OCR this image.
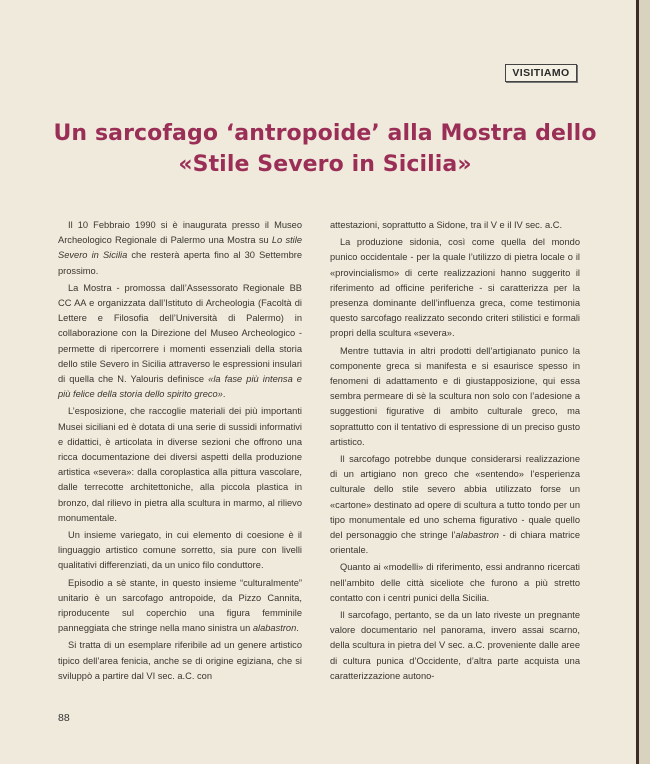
VISITIAMO
Un sarcofago ‘antropoide’ alla Mostra dello
«Stile Severo in Sicilia»

Il 10 Febbraio 1990 si è inaugurata presso il Museo Archeologico Regionale di Palermo una Mostra su Lo stile Severo in Sicilia che resterà aperta fino al 30 Settembre prossimo.

La Mostra - promossa dall’Assessorato Regionale BB CC AA e organizzata dall’Istituto di Archeologia (Facoltà di Lettere e Filosofia dell’Università di Palermo) in collaborazione con la Direzione del Museo Archeologico - permette di ripercorrere i momenti essenziali della storia dello stile Severo in Sicilia attraverso le espressioni insulari di quella che N. Yalouris definisce «la fase più intensa e più felice della storia dello spirito greco».

L’esposizione, che raccoglie materiali dei più importanti Musei siciliani ed è dotata di una serie di sussidi informativi e didattici, è articolata in diverse sezioni che offrono una ricca documentazione dei diversi aspetti della produzione artistica «severa»: dalla coroplastica alla pittura vascolare, dalle terrecotte architettoniche, alla piccola plastica in bronzo, dal rilievo in pietra alla scultura in marmo, al rilievo monumentale.

Un insieme variegato, in cui elemento di coesione è il linguaggio artistico comune sorretto, sia pure con livelli qualitativi differenziati, da un unico filo conduttore.

Episodio a sè stante, in questo insieme “culturalmente” unitario è un sarcofago antropoide, da Pizzo Cannita, riproducente sul coperchio una figura femminile panneggiata che stringe nella mano sinistra un alabastron.

Si tratta di un esemplare riferibile ad un genere artistico tipico dell’area fenicia, anche se di origine egiziana, che si sviluppò a partire dal VI sec. a.C. con

attestazioni, soprattutto a Sidone, tra il V e il IV sec. a.C.

La produzione sidonia, così come quella del mondo punico occidentale - per la quale l’utilizzo di pietra locale o il «provincialismo» di certe realizzazioni hanno suggerito il riferimento ad officine periferiche - si caratterizza per la presenza dominante dell’influenza greca, come testimonia questo sarcofago realizzato secondo criteri stilistici e formali propri della scultura «severa».

Mentre tuttavia in altri prodotti dell’artigianato punico la componente greca si manifesta e si esaurisce spesso in fenomeni di adattamento e di giustapposizione, qui essa sembra permeare di sè la scultura non solo con l’adesione a suggestioni figurative di ambito culturale greco, ma soprattutto con il tentativo di espressione di un preciso gusto artistico.

Il sarcofago potrebbe dunque considerarsi realizzazione di un artigiano non greco che «sentendo» l’esperienza culturale dello stile severo abbia utilizzato forse un «cartone» destinato ad opere di scultura a tutto tondo per un tipo monumentale ed uno schema figurativo - quale quello del personaggio che stringe l’alabastron - di chiara matrice orientale.

Quanto ai «modelli» di riferimento, essi andranno ricercati nell’ambito delle città siceliote che furono a più stretto contatto con i centri punici della Sicilia.

Il sarcofago, pertanto, se da un lato riveste un pregnante valore documentario nel panorama, invero assai scarno, della scultura in pietra del V sec. a.C. proveniente dalle aree di cultura punica d’Occidente, d’altra parte acquista una caratterizzazione autono-

88
